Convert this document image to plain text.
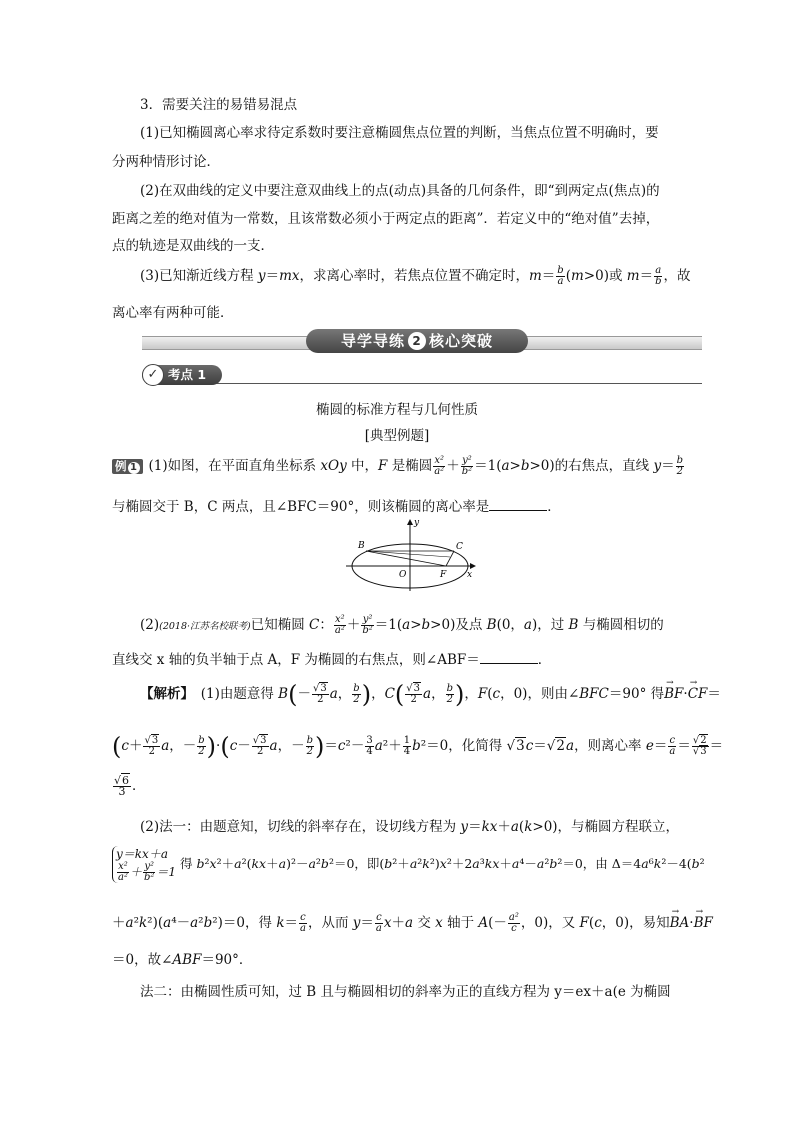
3．需要关注的易错易混点
(1)已知椭圆离心率求待定系数时要注意椭圆焦点位置的判断，当焦点位置不明确时，要
分两种情形讨论．
(2)在双曲线的定义中要注意双曲线上的点(动点)具备的几何条件，即“到两定点(焦点)的
距离之差的绝对值为一常数，且该常数必须小于两定点的距离”．若定义中的“绝对值”去掉，
点的轨迹是双曲线的一支．
(3)已知渐近线方程 y＝mx，求离心率时，若焦点位置不确定时，$m= \frac{b}{a} (m>0)$或 $m= \frac{a}{b}$ ，故
离心率有两种可能．
导学导练 2 核心突破
✓ 考点 1
椭圆的标准方程与几何性质
[典型例题]
例 1 (1)如图，在平面直角坐标系 xOy 中，F 是椭圆 $\frac{\text{x²}}{\text{a²}} + \frac{\text{y²}}{\text{b²}} =1(a>b>0)$的右焦点，直线 $y= \frac{b}{2}$
与椭圆交于 B，C 两点，且∠BFC＝90°，则该椭圆的离心率是	．
y
B	C
O	F x
(2)(2018·江苏名校联考)已知椭圆 C： $\frac{\text{x²}}{\text{a²}} + \frac{\text{y²}}{\text{b²}} =1(a>b>0)$及点 B(0，a)，过 B 与椭圆相切的
直线交 x 轴的负半轴于点 A，F 为椭圆的右焦点，则∠ABF＝	．
【解析】　(1)由题意得 $B(- \frac{√3}{2}$ a， $\frac{b}{2}$ )，$C( \frac{√3}{2}$ a， $\frac{b}{2}$ )，F(c，0)，则由∠BFC＝90° 得→ BF·→ CF＝
($c+ \frac{√3}{2}$ a，－ $\frac{b}{2} )\cdot(c- \frac{√3}{2}$ a，－ $\frac{b}{2} )=c^2- \frac{3}{4} a^2+ \frac{1}{4} b^2=0$，化简得 √3c＝√2a，则离心率 $e= \frac{c}{a} = \frac{√2}{√3}$ ＝
$\frac{√6}{3}$ ．
(2)法一：由题意知，切线的斜率存在，设切线方程为 y＝kx＋a(k>0)，与椭圆方程联立，
y＝kx＋a
$\frac{\text{x²}}{\text{a²}} + \frac{\text{y²}}{\text{b²}} =1$
得 b²x²＋a²(kx＋a)²－a²b²＝0，即(b²＋a²k²)x²＋2a³kx＋a⁴－a²b²＝0，由 Δ＝4a⁶k²－4(b²
＋a²k²)(a⁴－a²b²)＝0，得 $k= \frac{c}{a}$ ，从而 $y= \frac{c}{a} x+a$ 交 x 轴于 $A(- \frac{\text{a²}}{c}$ ，0)，又 F(c，0)，易知→ BA·→ BF
＝0，故∠ABF＝90°．
法二：由椭圆性质可知，过 B 且与椭圆相切的斜率为正的直线方程为 y＝ex＋a(e 为椭圆
